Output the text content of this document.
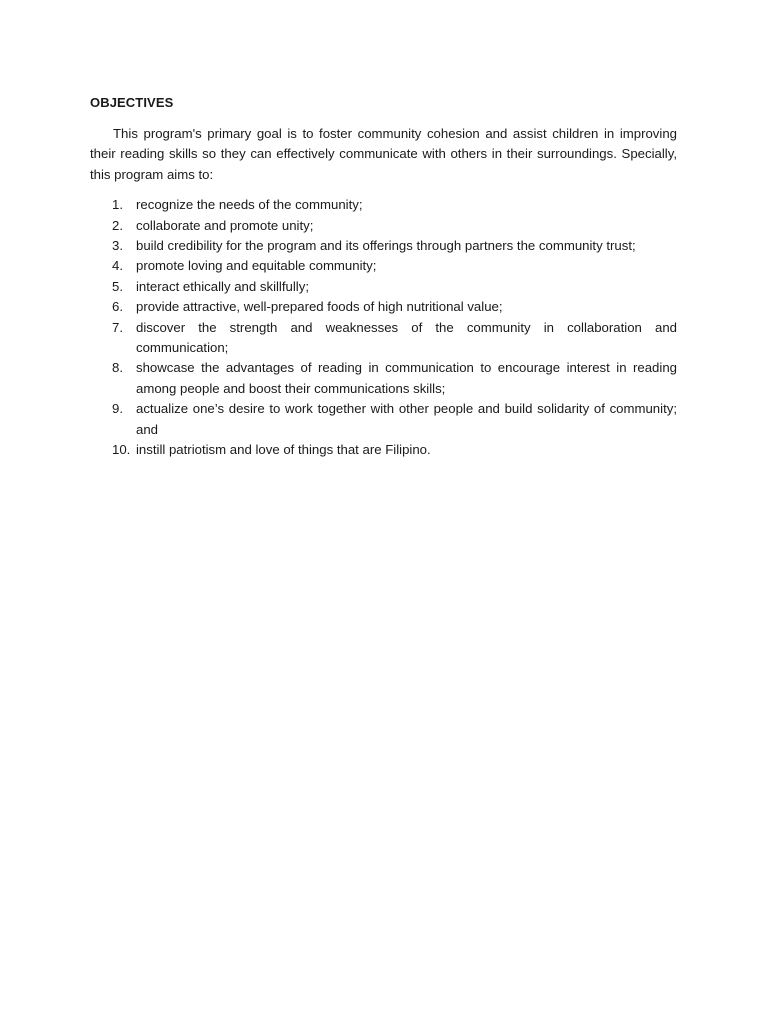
OBJECTIVES

This program's primary goal is to foster community cohesion and assist children in improving their reading skills so they can effectively communicate with others in their surroundings. Specially, this program aims to:

1. recognize the needs of the community;
2. collaborate and promote unity;
3. build credibility for the program and its offerings through partners the community trust;
4. promote loving and equitable community;
5. interact ethically and skillfully;
6. provide attractive, well-prepared foods of high nutritional value;
7. discover the strength and weaknesses of the community in collaboration and communication;
8. showcase the advantages of reading in communication to encourage interest in reading among people and boost their communications skills;
9. actualize one’s desire to work together with other people and build solidarity of community; and
10. instill patriotism and love of things that are Filipino.
